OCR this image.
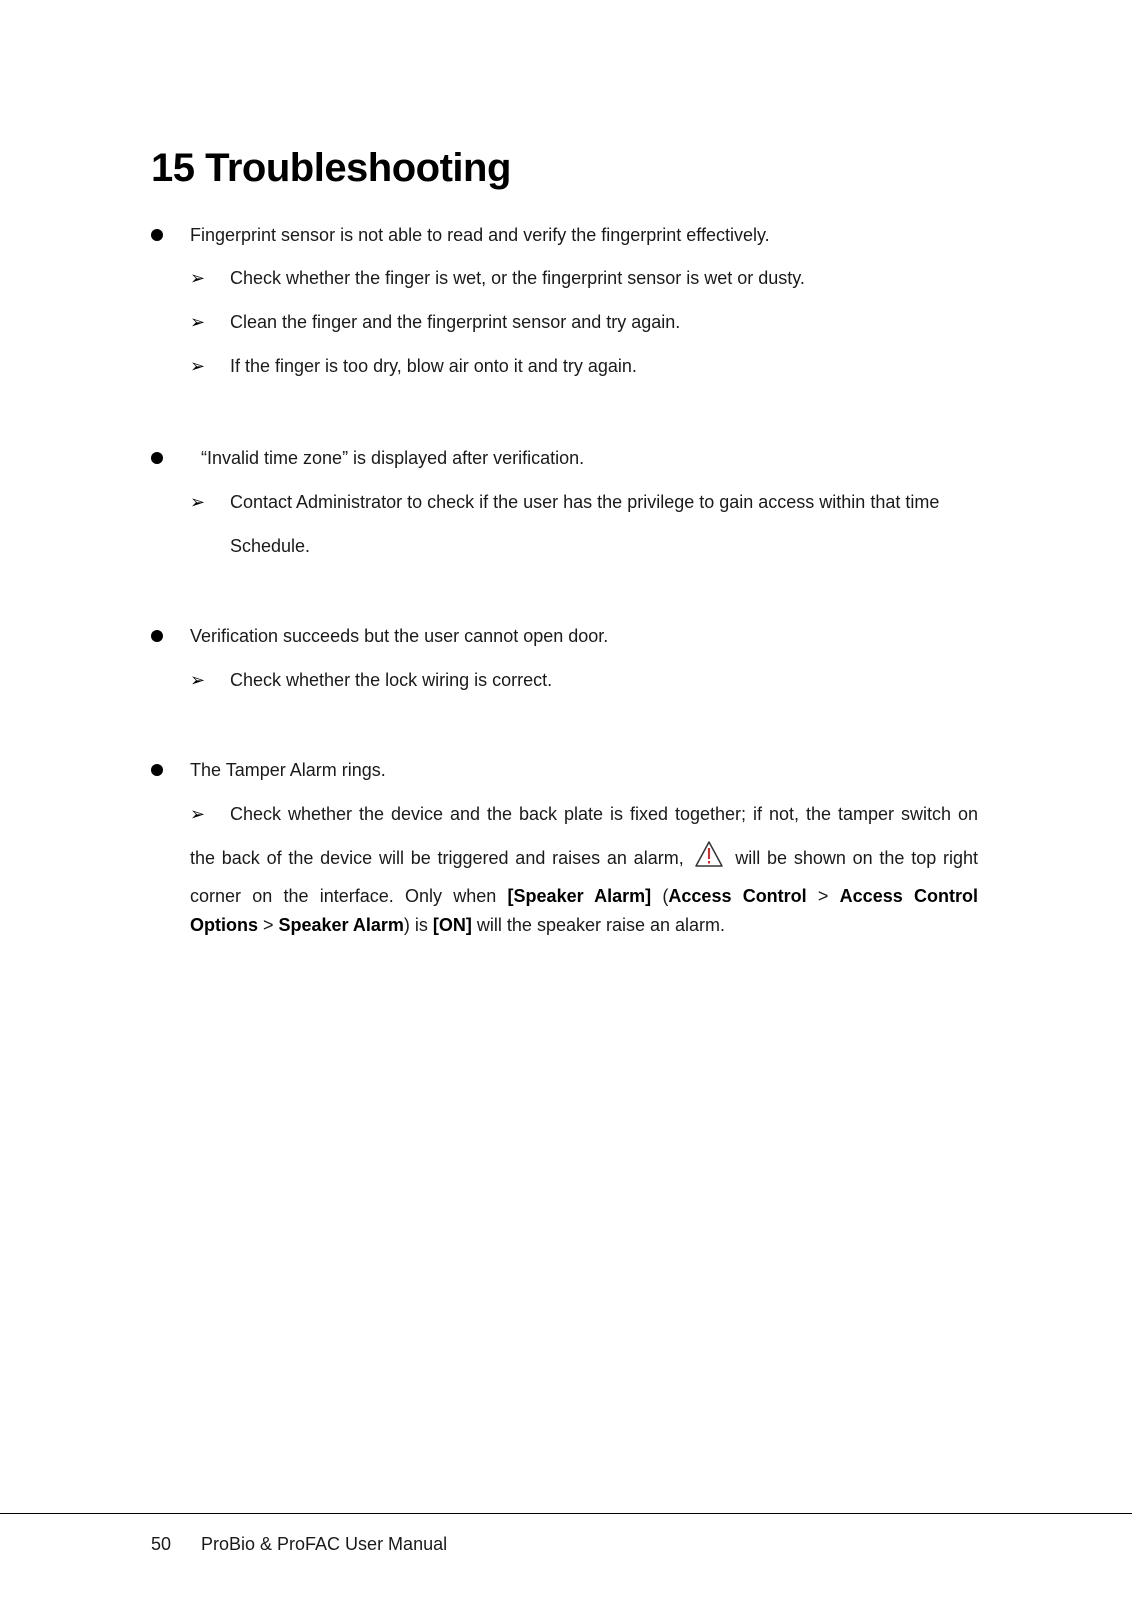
15 Troubleshooting
Fingerprint sensor is not able to read and verify the fingerprint effectively.
➢ Check whether the finger is wet, or the fingerprint sensor is wet or dusty.
➢ Clean the finger and the fingerprint sensor and try again.
➢ If the finger is too dry, blow air onto it and try again.
“Invalid time zone” is displayed after verification.
➢ Contact Administrator to check if the user has the privilege to gain access within that time
Schedule.
Verification succeeds but the user cannot open door.
➢ Check whether the lock wiring is correct.
The Tamper Alarm rings.
➢ Check whether the device and the back plate is fixed together; if not, the tamper switch on
the back of the device will be triggered and raises an alarm,	will be shown on the top right
corner on the interface. Only when [Speaker Alarm] (Access Control > Access Control
Options > Speaker Alarm) is [ON] will the speaker raise an alarm.
50 ProBio & ProFAC User Manual
